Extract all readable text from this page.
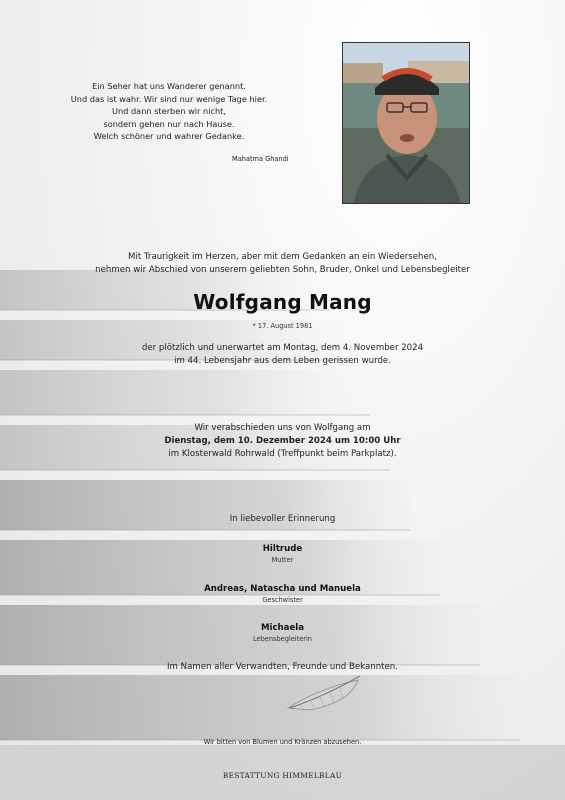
Ein Seher hat uns Wanderer genannt.
Und das ist wahr. Wir sind nur wenige Tage hier.
Und dann sterben wir nicht,
sondern gehen nur nach Hause.
Welch schöner und wahrer Gedanke.
Mahatma Ghandi
Mit Traurigkeit im Herzen, aber mit dem Gedanken an ein Wiedersehen,
nehmen wir Abschied von unserem geliebten Sohn, Bruder, Onkel und Lebensbegleiter
Wolfgang Mang
* 17. August 1981
der plötzlich und unerwartet am Montag, dem 4. November 2024
im 44. Lebensjahr aus dem Leben gerissen wurde.
Wir verabschieden uns von Wolfgang am
Dienstag, dem 10. Dezember 2024 um 10:00 Uhr
im Klosterwald Rohrwald (Treffpunkt beim Parkplatz).
In liebevoller Erinnerung
Hiltrude
Mutter
Andreas, Natascha und Manuela
Geschwister
Michaela
Lebensbegleiterin
Im Namen aller Verwandten, Freunde und Bekannten.
Wir bitten von Blumen und Kränzen abzusehen.
BESTATTUNG HIMMELBLAU
